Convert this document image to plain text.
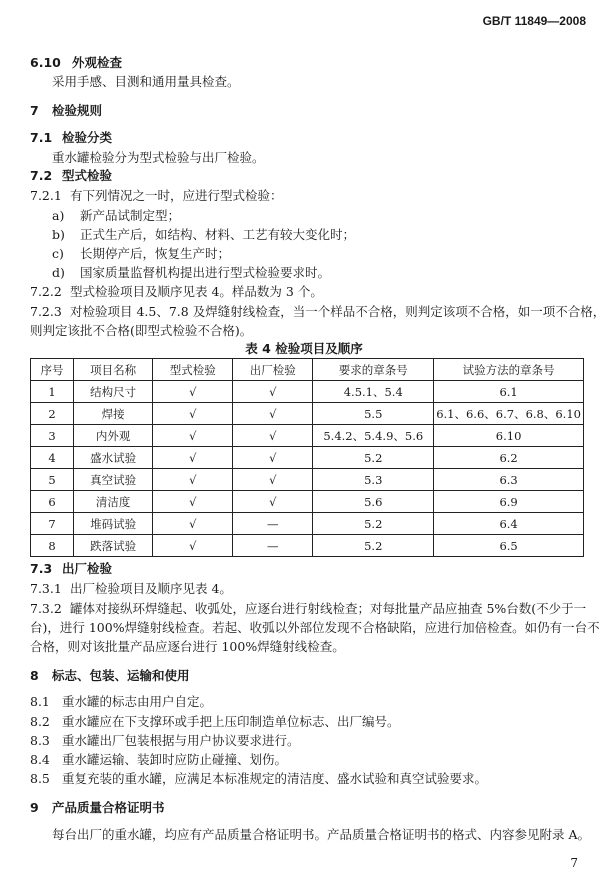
GB/T 11849—2008
6.10 外观检查
采用手感、目测和通用量具检查。
7 检验规则
7.1 检验分类
重水罐检验分为型式检验与出厂检验。
7.2 型式检验
7.2.1 有下列情况之一时，应进行型式检验：
a) 新产品试制定型；
b) 正式生产后，如结构、材料、工艺有较大变化时；
c) 长期停产后，恢复生产时；
d) 国家质量监督机构提出进行型式检验要求时。
7.2.2 型式检验项目及顺序见表 4。样品数为 3 个。
7.2.3 对检验项目 4.5、7.8 及焊缝射线检查，当一个样品不合格，则判定该项不合格，如一项不合格，
则判定该批不合格(即型式检验不合格)。
表 4 检验项目及顺序
序号	项目名称	型式检验	出厂检验	要求的章条号	试验方法的章条号
1	结构尺寸	√	√	4.5.1、5.4	6.1
2	焊接	√	√	5.5	6.1、6.6、6.7、6.8、6.10
3	内外观	√	√	5.4.2、5.4.9、5.6	6.10
4	盛水试验	√	√	5.2	6.2
5	真空试验	√	√	5.3	6.3
6	清洁度	√	√	5.6	6.9
7	堆码试验	√	—	5.2	6.4
8	跌落试验	√	—	5.2	6.5
7.3 出厂检验
7.3.1 出厂检验项目及顺序见表 4。
7.3.2 罐体对接纵环焊缝起、收弧处，应逐台进行射线检查；对每批量产品应抽查 5%台数(不少于一
台)，进行 100%焊缝射线检查。若起、收弧以外部位发现不合格缺陷，应进行加倍检查。如仍有一台不
合格，则对该批量产品应逐台进行 100%焊缝射线检查。
8 标志、包装、运输和使用
8.1 重水罐的标志由用户自定。
8.2 重水罐应在下支撑环或手把上压印制造单位标志、出厂编号。
8.3 重水罐出厂包装根据与用户协议要求进行。
8.4 重水罐运输、装卸时应防止碰撞、划伤。
8.5 重复充装的重水罐，应满足本标准规定的清洁度、盛水试验和真空试验要求。
9 产品质量合格证明书
每台出厂的重水罐，均应有产品质量合格证明书。产品质量合格证明书的格式、内容参见附录 A。
7
